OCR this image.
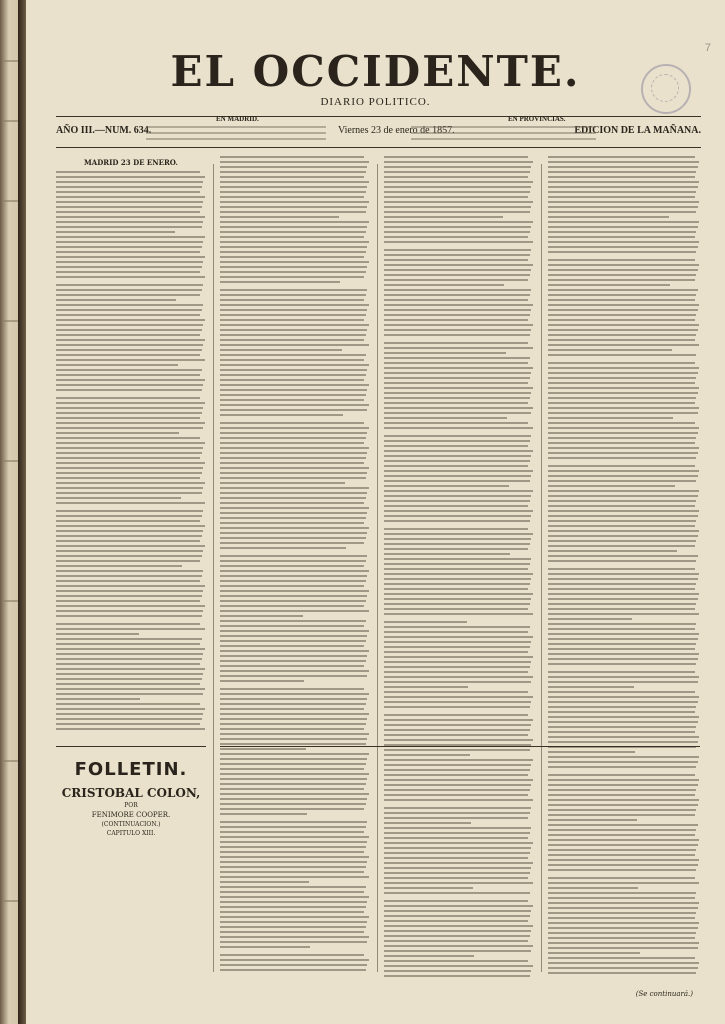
7
EL OCCIDENTE.
DIARIO POLITICO.
EN MADRID.	EN PROVINCIAS.
AÑO III.—NUM. 634.	Viernes 23 de enero de 1857.	EDICION DE LA MAÑANA.
MADRID 23 DE ENERO.
FOLLETIN.
CRISTOBAL COLON,
POR
FENIMORE COOPER.
(CONTINUACION.)
CAPITULO XIII.
(Se continuará.)
